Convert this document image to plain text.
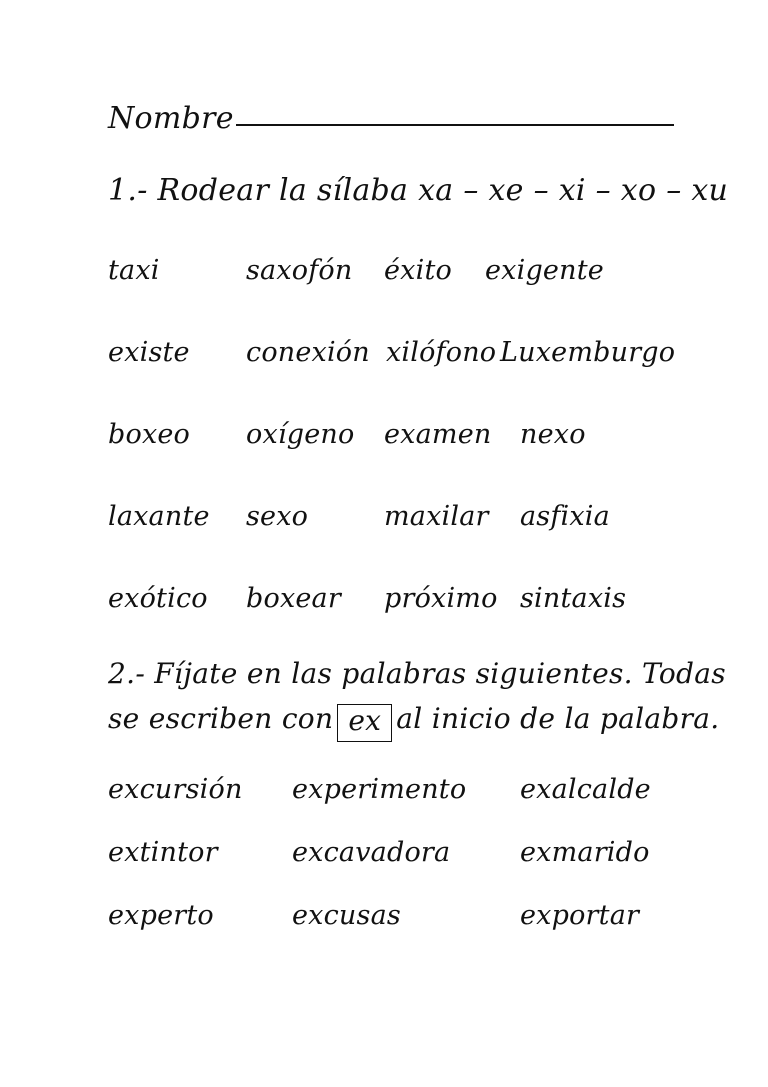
Nombre
1.- Rodear la sílaba xa – xe – xi – xo – xu
taxi	saxofón éxito exigente
existe conexión xilófono Luxemburgo
boxeo oxígeno examen nexo
laxante sexo	maxilar asfixia
exótico boxear próximo sintaxis
2.- Fíjate en las palabras siguientes. Todas
se escriben con ex al inicio de la palabra.
excursión experimento exalcalde
extintor	excavadora	exmarido
experto	excusas	exportar
